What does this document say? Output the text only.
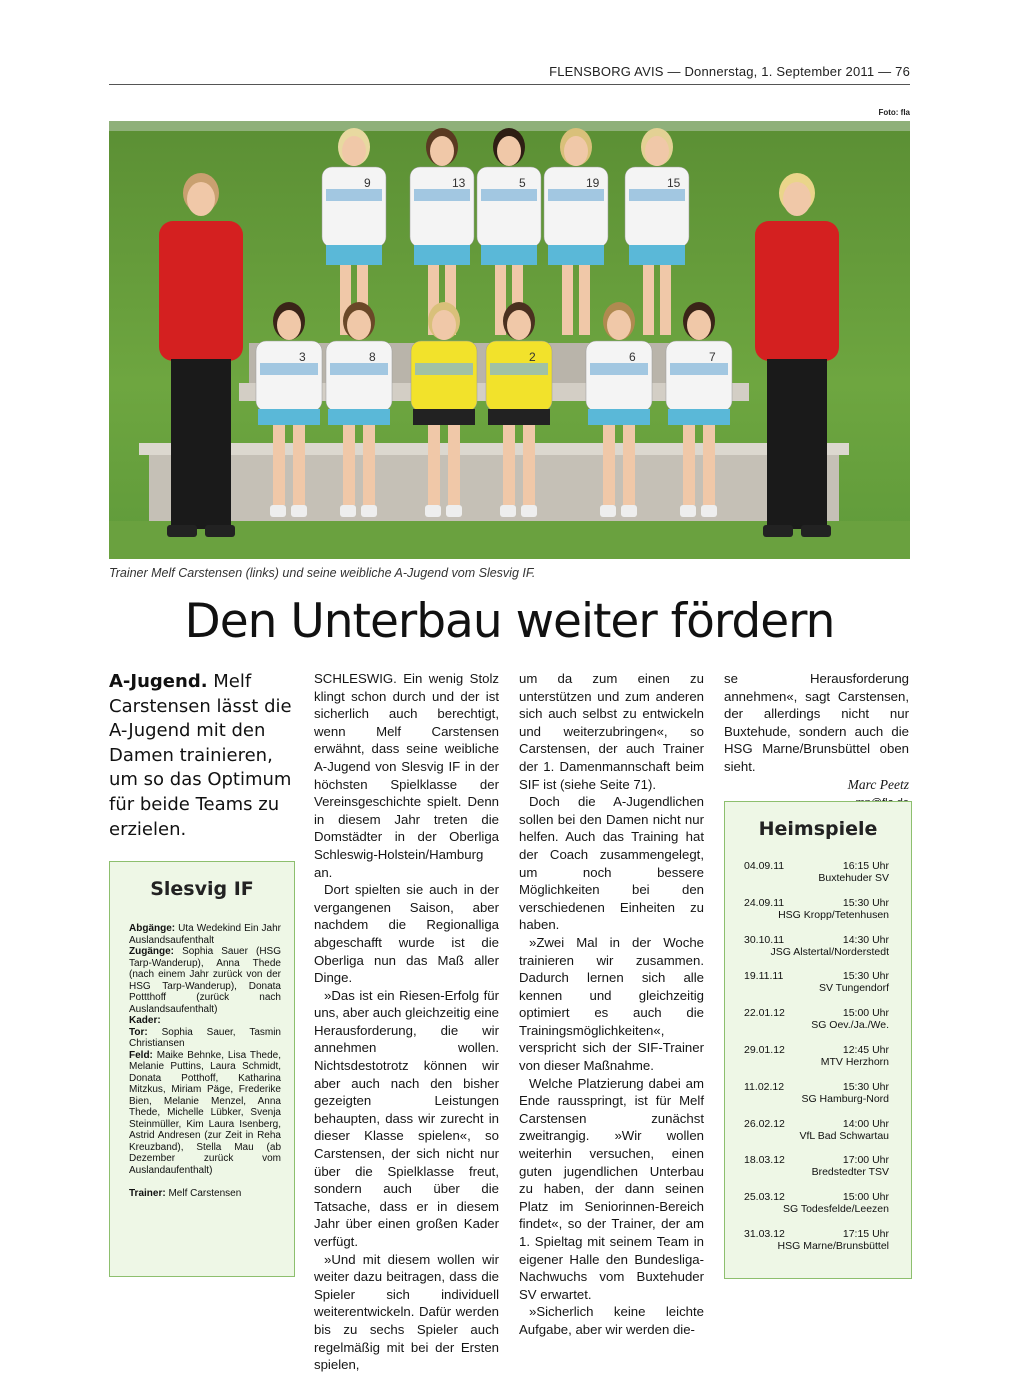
FLENSBORG AVIS — Donnerstag, 1. September 2011 — 76
Foto: fla
9	13	5	19	15
3	8	2	6	7
Trainer Melf Carstensen (links) und seine weibliche A-Jugend vom Slesvig IF.
Den Unterbau weiter fördern
A-Jugend. Melf Carstensen lässt die A-Jugend mit den Damen trainieren, um so das Optimum für beide Teams zu erzielen.
Slesvig IF

Abgänge: Uta Wedekind Ein Jahr Auslandsaufenthalt

Zugänge: Sophia Sauer (HSG Tarp-Wanderup), Anna Thede (nach einem Jahr zurück von der HSG Tarp-Wanderup), Donata Pottthoff (zurück nach Auslandsaufenthalt)

Kader:

Tor: Sophia Sauer, Tasmin Christiansen

Feld: Maike Behnke, Lisa Thede, Melanie Puttins, Laura Schmidt, Donata Potthoff, Katharina Mitzkus, Miriam Päge, Frederike Bien, Melanie Menzel, Anna Thede, Michelle Lübker, Svenja Steinmüller, Kim Laura Isenberg, Astrid Andresen (zur Zeit in Reha Kreuzband), Stella Mau (ab Dezember zurück vom Auslandaufenthalt)

Trainer: Melf Carstensen

SCHLESWIG. Ein wenig Stolz klingt schon durch und der ist sicherlich auch berechtigt, wenn Melf Carstensen erwähnt, dass seine weibliche A-Jugend von Slesvig IF in der höchsten Spielklasse der Vereinsgeschichte spielt. Denn in diesem Jahr treten die Domstädter in der Oberliga Schleswig-Holstein/Hamburg an.

Dort spielten sie auch in der vergangenen Saison, aber nachdem die Regionalliga abgeschafft wurde ist die Oberliga nun das Maß aller Dinge.

»Das ist ein Riesen-Erfolg für uns, aber auch gleichzeitig eine Herausforderung, die wir annehmen wollen. Nichtsdestotrotz können wir aber auch nach den bisher gezeigten Leistungen behaupten, dass wir zurecht in dieser Klasse spielen«, so Carstensen, der sich nicht nur über die Spielklasse freut, sondern auch über die Tatsache, dass er in diesem Jahr über einen großen Kader verfügt.

»Und mit diesem wollen wir weiter dazu beitragen, dass die Spieler sich individuell weiterentwickeln. Dafür werden bis zu sechs Spieler auch regelmäßig mit bei der Ersten spielen,

um da zum einen zu unterstützen und zum anderen sich auch selbst zu entwickeln und weiterzubringen«, so Carstensen, der auch Trainer der 1. Damenmannschaft beim SIF ist (siehe Seite 71).

Doch die A-Jugendlichen sollen bei den Damen nicht nur helfen. Auch das Training hat der Coach zusammengelegt, um noch bessere Möglichkeiten bei den verschiedenen Einheiten zu haben.

»Zwei Mal in der Woche trainieren wir zusammen. Dadurch lernen sich alle kennen und gleichzeitig optimiert es auch die Trainingsmöglichkeiten«, verspricht sich der SIF-Trainer von dieser Maßnahme.

Welche Platzierung dabei am Ende rausspringt, ist für Melf Carstensen zunächst zweitrangig. »Wir wollen weiterhin versuchen, einen guten jugendlichen Unterbau zu haben, der dann seinen Platz im Seniorinnen-Bereich findet«, so der Trainer, der am 1. Spieltag mit seinem Team in eigener Halle den Bundesliga-Nachwuchs vom Buxtehuder SV erwartet.

»Sicherlich keine leichte Aufgabe, aber wir werden die-

se Herausforderung annehmen«, sagt Carstensen, der allerdings nicht nur Buxtehude, sondern auch die HSG Marne/Brunsbüttel oben sieht.

Marc Peetz
Heimspiele
04.09.11	16:15 Uhr
Buxtehuder SV
24.09.11	15:30 Uhr
HSG Kropp/Tetenhusen
30.10.11	14:30 Uhr
JSG Alstertal/Norderstedt
19.11.11	15:30 Uhr
SV Tungendorf
22.01.12	15:00 Uhr
SG Oev./Ja./We.
29.01.12	12:45 Uhr
MTV Herzhorn
11.02.12	15:30 Uhr
SG Hamburg-Nord
26.02.12	14:00 Uhr
VfL Bad Schwartau
18.03.12	17:00 Uhr
Bredstedter TSV
25.03.12	15:00 Uhr
SG Todesfelde/Leezen
31.03.12	17:15 Uhr
HSG Marne/Brunsbüttel
